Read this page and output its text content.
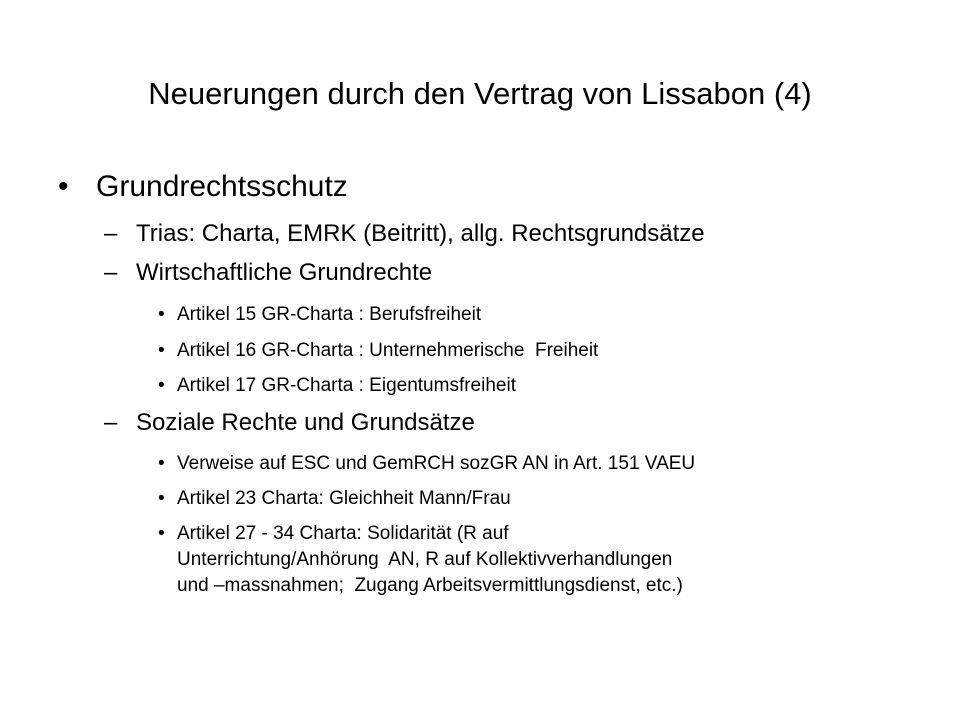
Neuerungen durch den Vertrag von Lissabon (4)
• Grundrechtsschutz
– Trias: Charta, EMRK (Beitritt), allg. Rechtsgrundsätze
– Wirtschaftliche Grundrechte
• Artikel 15 GR-Charta : Berufsfreiheit
• Artikel 16 GR-Charta : Unternehmerische  Freiheit
• Artikel 17 GR-Charta : Eigentumsfreiheit
– Soziale Rechte und Grundsätze
• Verweise auf ESC und GemRCH sozGR AN in Art. 151 VAEU
• Artikel 23 Charta: Gleichheit Mann/Frau
• Artikel 27 - 34 Charta: Solidarität (R auf
Unterrichtung/Anhörung  AN, R auf Kollektivverhandlungen
und –massnahmen;  Zugang Arbeitsvermittlungsdienst, etc.)
